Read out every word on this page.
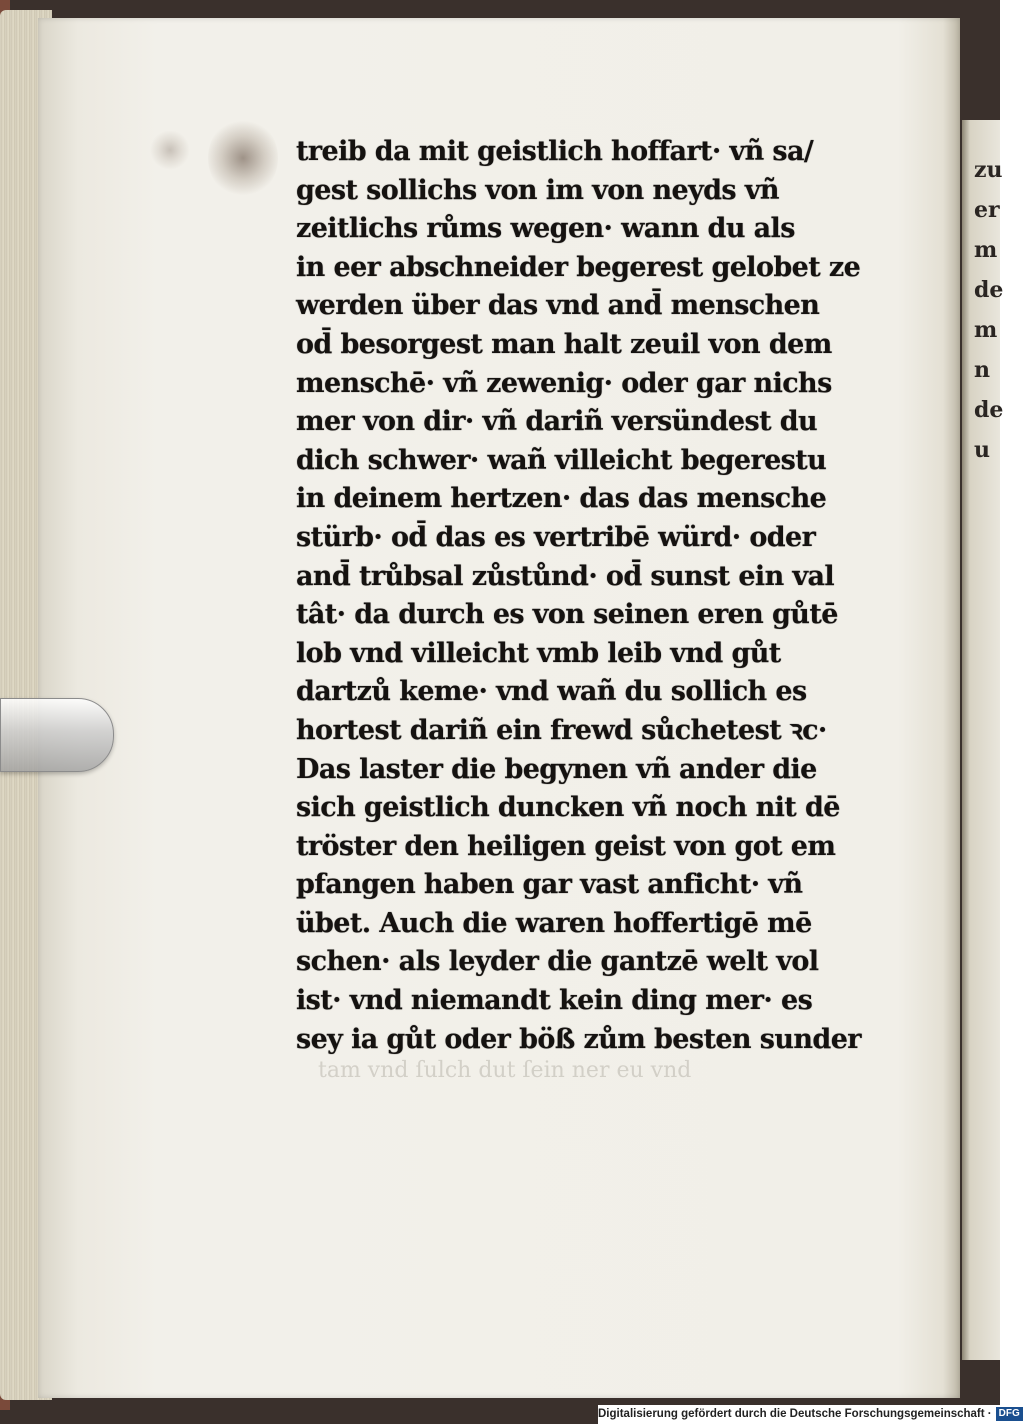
zu
er
m
de
m
n
de
u
treib da mit geistlich hoffart· vñ sa/
gest sollichs von im von neyds vñ
zeitlichs růms wegen· wann du als
in eer abschneider begerest gelobet ze
werden über das vnd and̄ menschen
od̄ besorgest man halt zeuil von dem
menschē· vñ zewenig· oder gar nichs
mer von dir· vñ dariñ versündest du
dich schwer· wañ villeicht begerestu
in deinem hertzen· das das mensche
stürb· od̄ das es vertribē würd· oder
and̄ trůbsal zůstůnd· od̄ sunst ein val
tât· da durch es von seinen eren gůtē
lob vnd villeicht vmb leib vnd gůt
dartzů keme· vnd wañ du sollich es
hortest dariñ ein frewd sůchetest ꝛc·
Das laster die begynen vñ ander die
sich geistlich duncken vñ noch nit dē
tröster den heiligen geist von got em
pfangen haben gar vast anficht· vñ
übet. Auch die waren hoffertigē mē
schen· als leyder die gantzē welt vol
ist· vnd niemandt kein ding mer· es
sey ia gůt oder böß zům besten sunder
tam vnd ſulch dut ſein ner eu vnd
Digitalisierung gefördert durch die Deutsche Forschungsgemeinschaft · DFG
